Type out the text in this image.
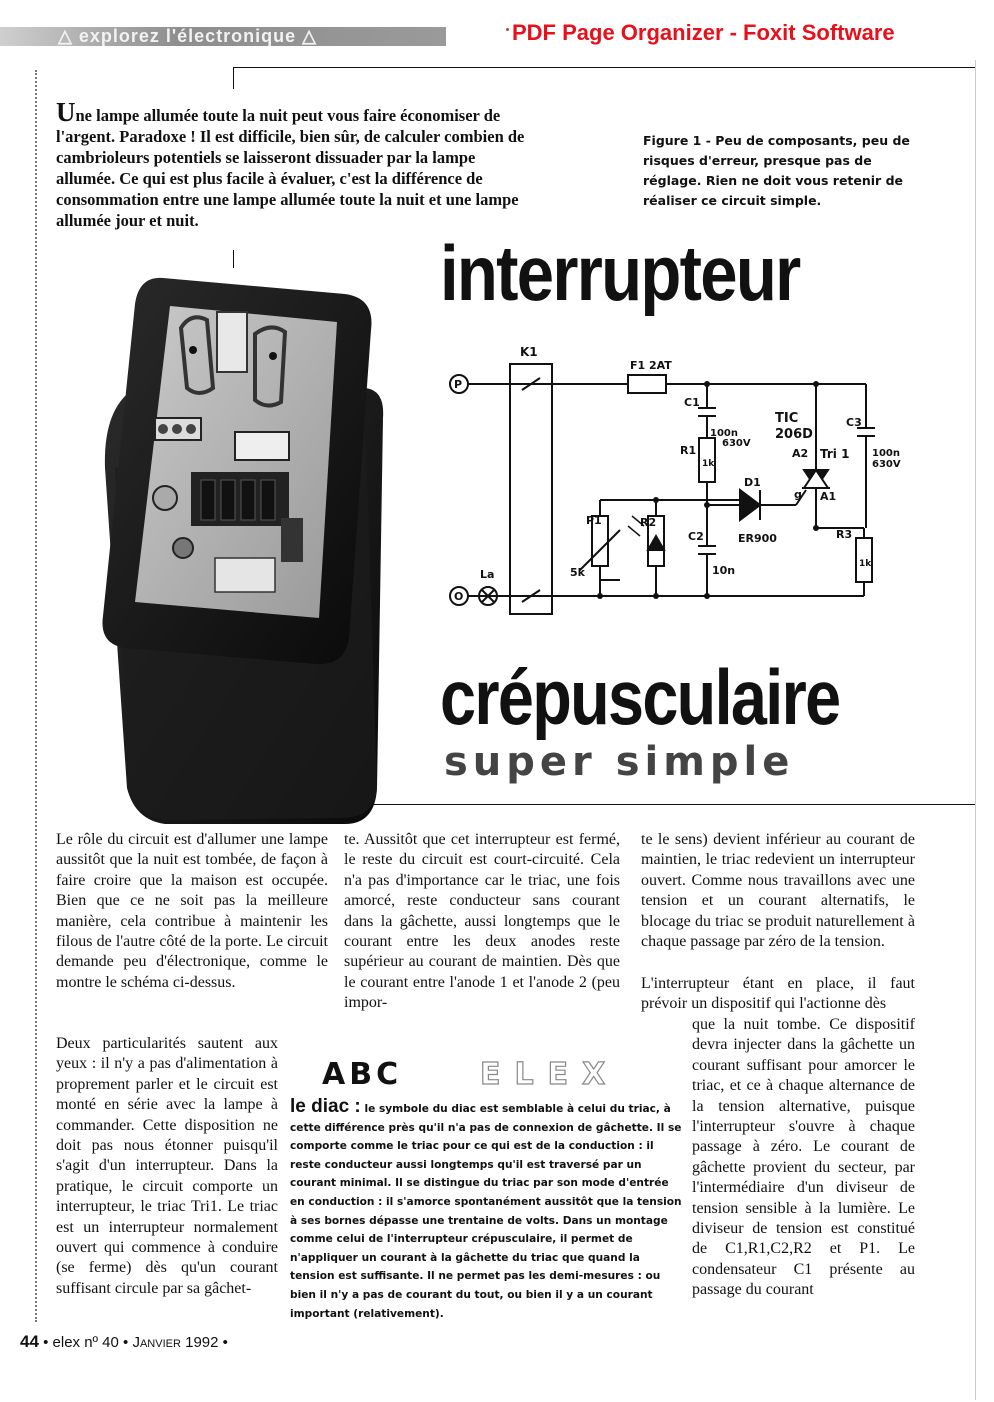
△ explorez l'électronique △	PDF Page Organizer - Foxit Software
Une lampe allumée toute la nuit peut vous faire économiser de l'argent. Paradoxe ! Il est difficile, bien sûr, de calculer combien de cambrioleurs potentiels se laisseront dissuader par la lampe allumée. Ce qui est plus facile à évaluer, c'est la différence de consommation entre une lampe allumée toute la nuit et une lampe allumée jour et nuit.
Figure 1 - Peu de composants, peu de risques d'erreur, presque pas de réglage. Rien ne doit vous retenir de réaliser ce circuit simple.
interrupteur
crépusculaire
super simple
P
O
K1
F1 2AT
C1
100n
630V
TIC
206D
C3
100n
630V
R1
1k
A2 Tri 1
D1
g A1
P1	R2
C2	ER900	R3
1k
5k	10n
La
Le rôle du circuit est d'allumer une lampe aussitôt que la nuit est tombée, de façon à faire croire que la maison est occupée. Bien que ce ne soit pas la meilleure manière, cela contribue à maintenir les filous de l'autre côté de la porte. Le circuit demande peu d'électronique, comme le montre le schéma ci-dessus.
Deux particularités sautent aux yeux : il n'y a pas d'alimentation à proprement parler et le circuit est monté en série avec la lampe à commander. Cette disposition ne doit pas nous étonner puisqu'il s'agit d'un interrupteur. Dans la pratique, le circuit comporte un interrupteur, le triac Tri1. Le triac est un interrupteur normalement ouvert qui commence à conduire (se ferme) dès qu'un courant suffisant circule par sa gâchet-
te. Aussitôt que cet interrupteur est fermé, le reste du circuit est court-circuité. Cela n'a pas d'importance car le triac, une fois amorcé, reste conducteur sans courant dans la gâchette, aussi longtemps que le courant entre les deux anodes reste supérieur au courant de maintien. Dès que le courant entre l'anode 1 et l'anode 2 (peu impor-
te le sens) devient inférieur au courant de maintien, le triac redevient un interrupteur ouvert. Comme nous travaillons avec une tension et un courant alternatifs, le blocage du triac se produit naturellement à chaque passage par zéro de la tension.
L'interrupteur étant en place, il faut prévoir un dispositif qui l'actionne dès
que la nuit tombe. Ce dispositif devra injecter dans la gâchette un courant suffisant pour amorcer le triac, et ce à chaque alternance de la tension alternative, puisque l'interrupteur s'ouvre à chaque passage à zéro. Le courant de gâchette provient du secteur, par l'intermédiaire d'un diviseur de tension sensible à la lumière. Le diviseur de tension est constitué de C1,R1,C2,R2 et P1. Le condensateur C1 présente au passage du courant
ABC	ELEX
le diac : le symbole du diac est semblable à celui du triac, à cette différence près qu'il n'a pas de connexion de gâchette. Il se comporte comme le triac pour ce qui est de la conduction : il reste conducteur aussi longtemps qu'il est traversé par un courant minimal. Il se distingue du triac par son mode d'entrée en conduction : il s'amorce spontanément aussitôt que la tension à ses bornes dépasse une trentaine de volts. Dans un montage comme celui de l'interrupteur crépusculaire, il permet de n'appliquer un courant à la gâchette du triac que quand la tension est suffisante. Il ne permet pas les demi-mesures : ou bien il n'y a pas de courant du tout, ou bien il y a un courant important (relativement).
44 • elex nº 40 • Janvier 1992 •
